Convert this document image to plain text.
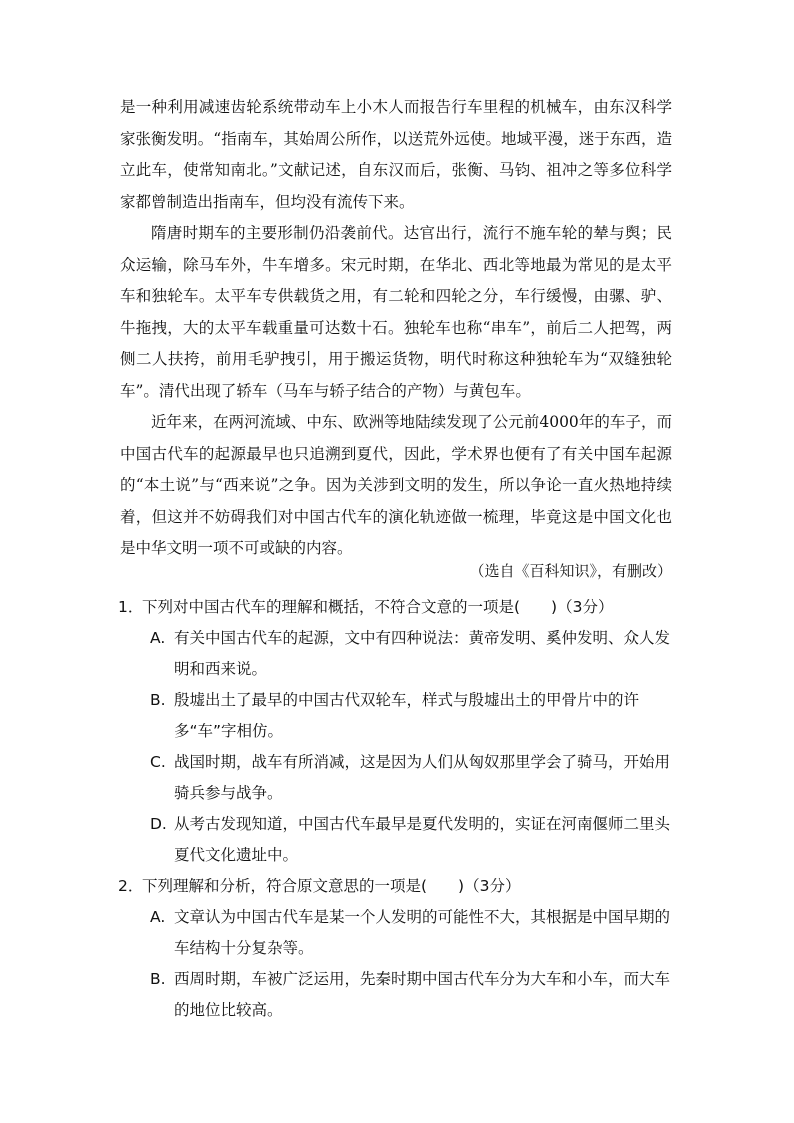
是一种利用减速齿轮系统带动车上小木人而报告行车里程的机械车，由东汉科学家张衡发明。“指南车，其始周公所作，以送荒外远使。地域平漫，迷于东西，造立此车，使常知南北。”文献记述，自东汉而后，张衡、马钧、祖冲之等多位科学家都曾制造出指南车，但均没有流传下来。

隋唐时期车的主要形制仍沿袭前代。达官出行，流行不施车轮的辇与舆；民众运输，除马车外，牛车增多。宋元时期，在华北、西北等地最为常见的是太平车和独轮车。太平车专供载货之用，有二轮和四轮之分，车行缓慢，由骡、驴、牛拖拽，大的太平车载重量可达数十石。独轮车也称“串车”，前后二人把驾，两侧二人扶挎，前用毛驴拽引，用于搬运货物，明代时称这种独轮车为“双缝独轮车”。清代出现了轿车（马车与轿子结合的产物）与黄包车。

近年来，在两河流域、中东、欧洲等地陆续发现了公元前4000年的车子，而中国古代车的起源最早也只追溯到夏代，因此，学术界也便有了有关中国车起源的“本土说”与“西来说”之争。因为关涉到文明的发生，所以争论一直火热地持续着，但这并不妨碍我们对中国古代车的演化轨迹做一梳理，毕竟这是中国文化也是中华文明一项不可或缺的内容。

（选自《百科知识》，有删改）
1．
下列对中国古代车的理解和概括，不符合文意的一项是(　　)（3分）
A. 有关中国古代车的起源，文中有四种说法：黄帝发明、奚仲发明、众人发明和西来说。
B. 殷墟出土了最早的中国古代双轮车，样式与殷墟出土的甲骨片中的许多“车”字相仿。
C. 战国时期，战车有所消减，这是因为人们从匈奴那里学会了骑马，开始用骑兵参与战争。
D. 从考古发现知道，中国古代车最早是夏代发明的，实证在河南偃师二里头夏代文化遗址中。
2．
下列理解和分析，符合原文意思的一项是(　　)（3分）
A. 文章认为中国古代车是某一个人发明的可能性不大，其根据是中国早期的车结构十分复杂等。
B. 西周时期，车被广泛运用，先秦时期中国古代车分为大车和小车，而大车的地位比较高。
